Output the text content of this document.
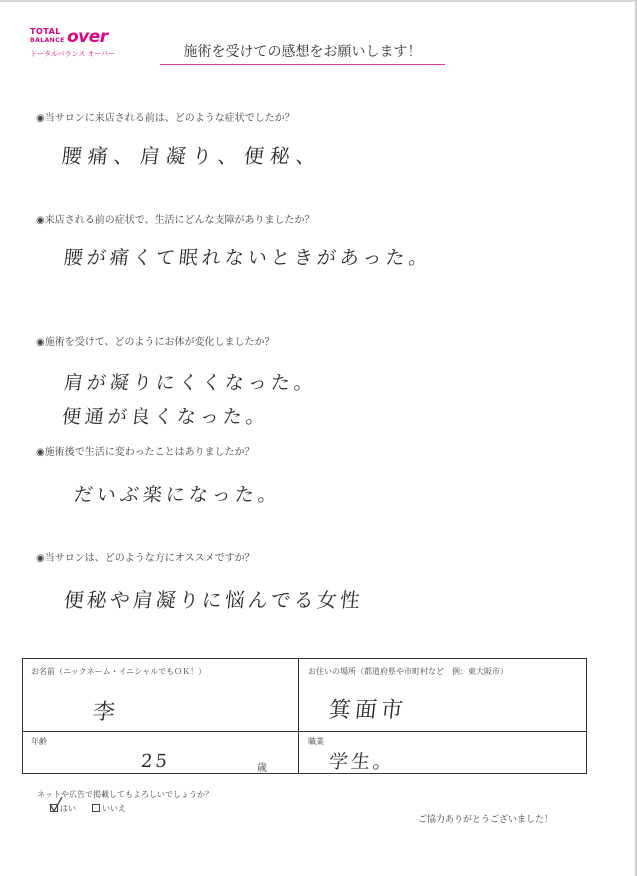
TOTAL
BALANCE over
トータルバランス オーバー	施術を受けての感想をお願いします！
◉当サロンに来店される前は、どのような症状でしたか？
腰痛、肩凝り、便秘、
◉来店される前の症状で、生活にどんな支障がありましたか？
腰が痛くて眠れないときがあった。
◉施術を受けて、どのようにお体が変化しましたか？
肩が凝りにくくなった。
便通が良くなった。
◉施術後で生活に変わったことはありましたか？
だいぶ楽になった。
◉当サロンは、どのような方にオススメですか？
便秘や肩凝りに悩んでる女性
お名前（ニックネーム・イニシャルでもＯＫ！）
李
お住いの場所（都道府県や市町村など　例：東大阪市）
箕面市
年齢
25	歳
職業
学生。
ネットや広告で掲載してもよろしいでしょうか？
はい	いいえ
ご協力ありがとうございました！
